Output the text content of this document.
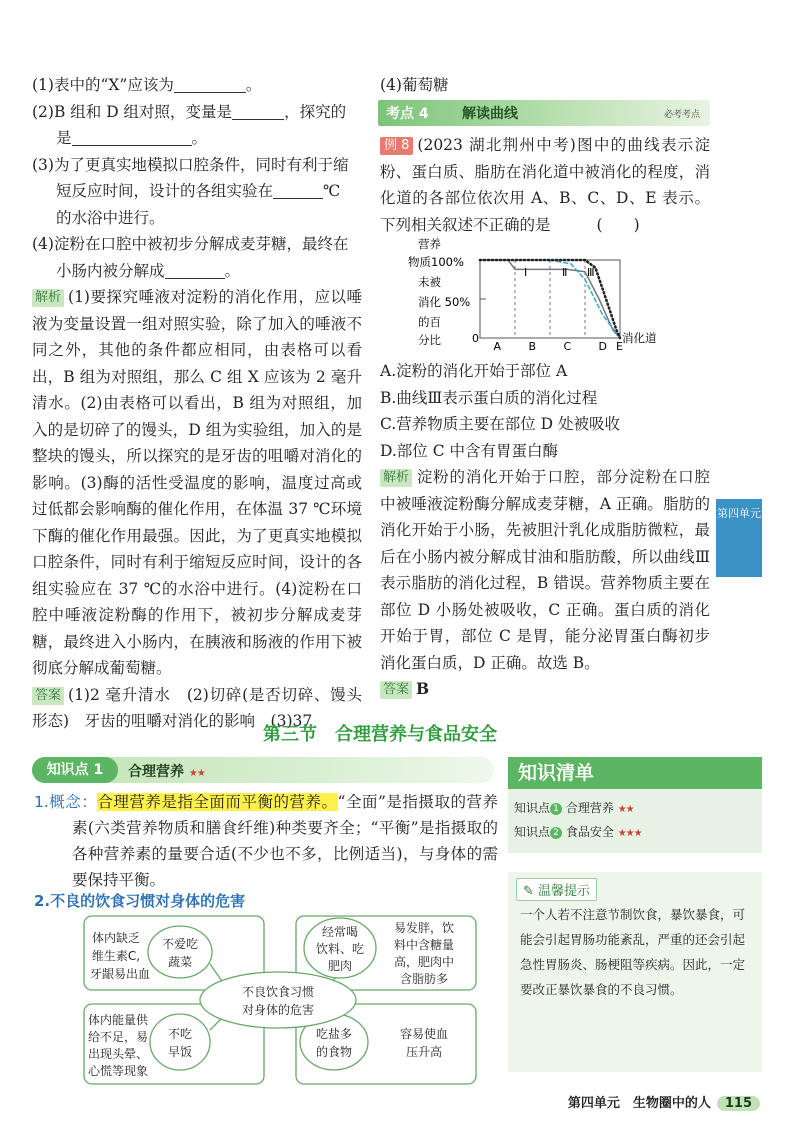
(1)表中的“X”应该为	。

(2)B 组和 D 组对照，变量是	，探究的

是	。

(3)为了更真实地模拟口腔条件，同时有利于缩

短反应时间，设计的各组实验在	℃

的水浴中进行。

(4)淀粉在口腔中被初步分解成麦芽糖，最终在

小肠内被分解成	。

解析 (1)要探究唾液对淀粉的消化作用，应以唾液为变量设置一组对照实验，除了加入的唾液不同之外，其他的条件都应相同，由表格可以看出，B 组为对照组，那么 C 组 X 应该为 2 毫升清水。(2)由表格可以看出，B 组为对照组，加入的是切碎了的馒头，D 组为实验组，加入的是整块的馒头，所以探究的是牙齿的咀嚼对消化的影响。(3)酶的活性受温度的影响，温度过高或过低都会影响酶的催化作用，在体温 37 ℃环境下酶的催化作用最强。因此，为了更真实地模拟口腔条件，同时有利于缩短反应时间，设计的各组实验应在 37 ℃的水浴中进行。(4)淀粉在口腔中唾液淀粉酶的作用下，被初步分解成麦芽糖，最终进入小肠内，在胰液和肠液的作用下被彻底分解成葡萄糖。

答案 (1)2 毫升清水　(2)切碎(是否切碎、馒头形态)　牙齿的咀嚼对消化的影响　(3)37

(4)葡萄糖

考点 4 解读曲线	必考考点

例 8 (2023 湖北荆州中考)图中的曲线表示淀粉、蛋白质、脂肪在消化道中被消化的程度，消化道的各部位依次用 A、B、C、D、E 表示。下列相关叙述不正确的是	(　　)

营养
物质100%
未被
消化 50%
的百
分比	0	消化道
A B C D E
Ⅰ	Ⅱ Ⅲ

A.淀粉的消化开始于部位 A

B.曲线Ⅲ表示蛋白质的消化过程

C.营养物质主要在部位 D 处被吸收

D.部位 C 中含有胃蛋白酶

解析 淀粉的消化开始于口腔，部分淀粉在口腔中被唾液淀粉酶分解成麦芽糖，A 正确。脂肪的消化开始于小肠，先被胆汁乳化成脂肪微粒，最后在小肠内被分解成甘油和脂肪酸，所以曲线Ⅲ表示脂肪的消化过程，B 错误。营养物质主要在部位 D 小肠处被吸收，C 正确。蛋白质的消化开始于胃，部位 C 是胃，能分泌胃蛋白酶初步消化蛋白质，D 正确。故选 B。

答案 B

第四单元
第三节　合理营养与食品安全
知识点 1	合理营养 ★★

1.概念：合理营养是指全面而平衡的营养。“全面”是指摄取的营养素(六类营养物质和膳食纤维)种类要齐全；“平衡”是指摄取的各种营养素的量要合适(不少也不多，比例适当)，与身体的需要保持平衡。

2.不良的饮食习惯对身体的危害
不良饮食习惯
对身体的危害
不爱吃
蔬菜
体内缺乏
维生素C,
牙龈易出血
经常喝
饮料、吃
肥肉
易发胖，饮
料中含糖量
高，肥肉中
含脂肪多
不吃
早饭
体内能量供
给不足，易
出现头晕、
心慌等现象
吃盐多
的食物
容易使血
压升高
知识清单
知识点 1 合理营养 ★★
知识点 2 食品安全 ★★★
✎ 温馨提示
一个人若不注意节制饮食，暴饮暴食，可能会引起胃肠功能紊乱，严重的还会引起急性胃肠炎、肠梗阻等疾病。因此，一定要改正暴饮暴食的不良习惯。
第四单元　生物圈中的人 115
